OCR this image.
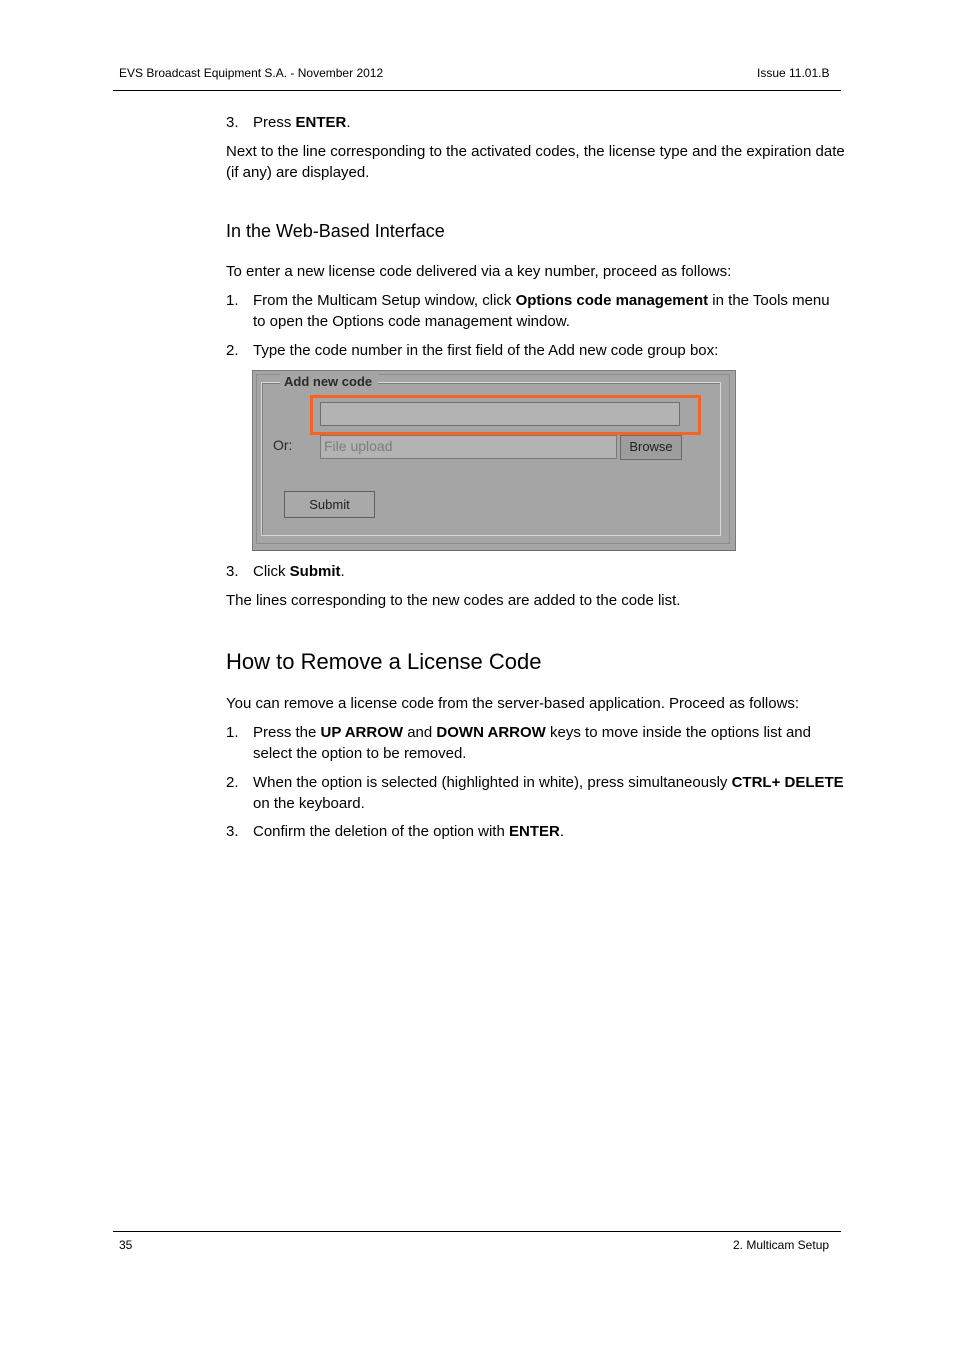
EVS Broadcast Equipment S.A. - November 2012	Issue 11.01.B
3. Press ENTER.
Next to the line corresponding to the activated codes, the license type and the expiration date (if any) are displayed.
In the Web-Based Interface
To enter a new license code delivered via a key number, proceed as follows:
1. From the Multicam Setup window, click Options code management in the Tools menu to open the Options code management window.
2. Type the code number in the first field of the Add new code group box:
Add new code
Or: File upload	Browse
Submit
3. Click Submit.
The lines corresponding to the new codes are added to the code list.
How to Remove a License Code
You can remove a license code from the server-based application. Proceed as follows:
1. Press the UP ARROW and DOWN ARROW keys to move inside the options list and select the option to be removed.
2. When the option is selected (highlighted in white), press simultaneously CTRL+ DELETE on the keyboard.
3. Confirm the deletion of the option with ENTER.
35	2. Multicam Setup
